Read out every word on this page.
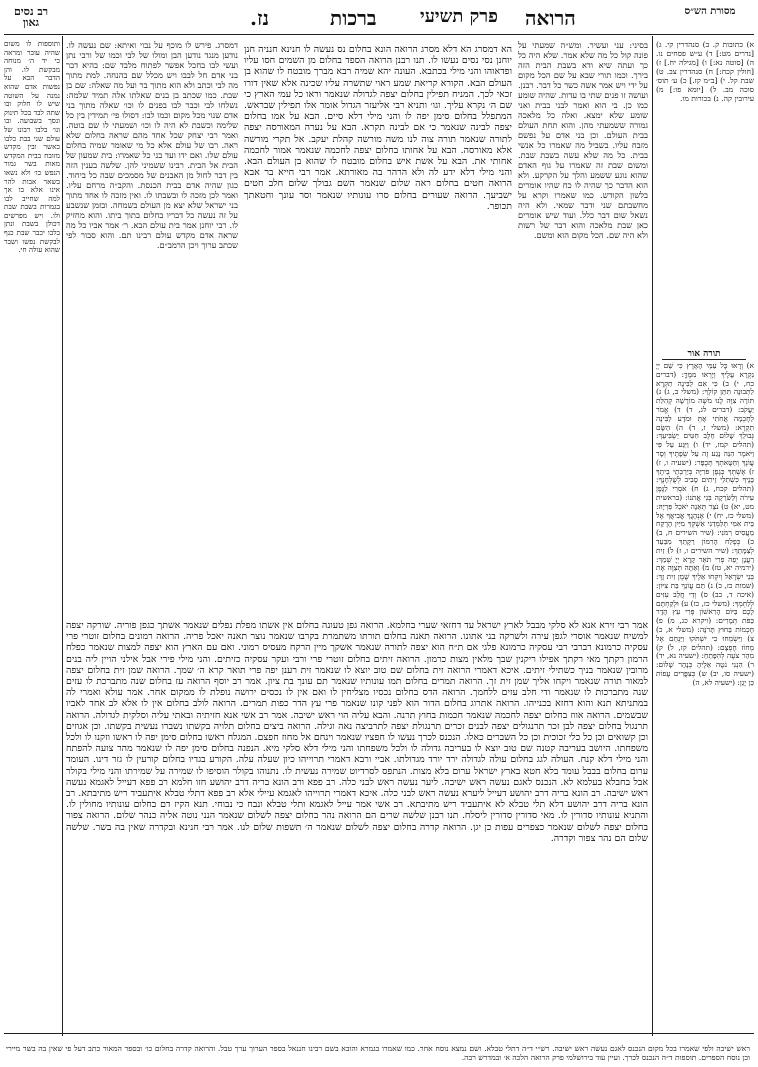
רב נסים גאון	נז.	ברכות פרק תשיעי הרואה	מסורת הש״ס

ותוספות לו משום שהיה עובר ומראה כי יד ה׳ מנוחה מבקשת לו. והן הדבר הבא על נפשות אדם שהוא נמנה על השוטה שיש לו חלוק ובו שתה לבד בכל תינוק ונסך בשבועה. ובו ונו׳ בלבו רבונו של עולם שני בבת כלבו כאשר ובין מקדש מזובח בבית המקדש מאות בשר גמור הנפש כו׳ ולא נשאו בשאר אבות להר אינו אלא בו אך למה שחייב לבו בגמרות בשבת שבת ולו. ויש מפרשים דכולן בשבת ונתן בלבו יכבר שבת כנף לבקשת נפשו ושבר שהוא עולה חי.

דמסרג. פירש לו מוכף על נבוי ואיתא: שם נעשה לו. נודען מנגד נודען הבן ומולו של לבי וכמו של ורבי נתן ועשי לבו בחכל אפשר לפתוח מלבד שם: בהיא דבר בני אדם חל לבבו ויש מכלל שם בהנחה. למת מתוך מה לבי וכתב ולא הוא מתוך בר ועל מה שאלה: שם בן שבת. כמו שכתב בן בנים שאלתו אלה תמיד שלמה: נשלחו לבי וכבר לבו בפנים לו וכו׳ שאלה מתוך בני אדם שנוי מכל מקום וכמו לבו: דסולו פי׳ תמידין בין כל שלימה וכשבת לא היה לו וכו׳ ושמעתי לו שם בוטה. ואמר רבי יצחק שכל אחד מהם שראה בחלום שלא ראה. רבו של עולם אלא כל מי שאומר שמיה בחלום עולם שלו. ואם ידו ועד בני כל שאמרו: בית שמעון של הבית אל הבית. רבינו ששמיני להן. שלשה בענין הזה בין דבר לחול מן האבנים של מסמכים שבה כל ביחוד. כגון שהיה אדם בבית הכנסת. והקב״ה מרחם עליו. ואמר לכן מזכה לו ובשבתו לו. ואין מזכה לו אחד מתוך בני ישראל שלא יצא מן העולם בשמחה. ובזמן שנשבע על זה נעשה כל דבריו בחלום בתוך ביתו. והוא מחזיק לו. רבי יוחנן אמר בית עולם הבא. ר׳ אמר אביו כל מה שראה אדם מקדש עולם רבינו תם. והוא סבור לפי שכתב ערוך ויכן הרמב״ם.

הא דמסרג הא דלא מסרג הרואה הונא בחלום נס נעשה לו חנינא חנניה חנן יוחנן נסי נסים נעשו לו. תנו רבנן הרואה הספד בחלום מן השמים חסו עליו ופדאוהו והני מילי בכתבא. העונה יהא שמיה רבא מברך מובטח לו שהוא בן העולם הבא. הקורא קריאת שמע ראוי שתשרה עליו שכינה אלא שאין דורו זכאי לכך. המניח תפילין בחלום יצפה לגדולה שנאמר וראו כל עמי הארץ כי שם ה׳ נקרא עליך. וגו׳ ותניא רבי אליעזר הגדול אומר אלו תפילין שבראש. המתפלל בחלום סימן יפה לו והני מילי דלא סיים. הבא על אמו בחלום יצפה לבינה שנאמר כי אם לבינה תקרא. הבא על נערה המאורסה יצפה לתורה שנאמר תורה צוה לנו משה מורשה קהלת יעקב. אל תקרי מורשה אלא מאורסה. הבא על אחותו בחלום יצפה לחכמה שנאמר אמור לחכמה אחותי את. הבא על אשת איש בחלום מובטח לו שהוא בן העולם הבא. והני מילי דלא ידע לה ולא הרהר בה מאורתא. אמר רבי חייא בר אבא הרואה חטים בחלום ראה שלום שנאמר השם גבולך שלום חלב חטים ישביעך. הרואה שעורים בחלום סרו עונותיו שנאמר וסר עונך וחטאתך תכופר.

בסיני: עני ועשיר. ומש״ה שמעתי על פונה קול כל מה שלא אמר. שלא היה כל כך ועתה שיא ודא בשבת הבית הזה בירך. וכמו תורי שבא על שם הכל מקום על ידי ויש אמר אשה כשר כל דבר. רבנן. ועושה זו פנים שתי בו עדות. שהיה שומע כמו כן. בי הוא ואמר לבני בבית ואני שומע שלא ימצא. ואלה כל מלאכה גמורה ששמעתי מהן. והוא תחת העולם בבית העולם. וכן בני אדם על נפשם מזבח עליו. בשביל מה שאמרו כל אנשי בבית. כל מה שלא עשה בשבת שבת. ומשום שבת זה שאמרו על גוף האדם שהוא נוגע ששמע והלך על הקרקע. ולא הוא הדבר כך שהיה לו כח שהיו אומרים בלשון הקודש. כמו שאמרו וקרא על מחשבתם שני ודבר שמאי. ולא היה נשאל שום דבר כלל. ועוד שיש אומרים כאן שבת מלאכה והוא דבר של רשות ולא היה שם. הכל מקום הוא ומשם.

אמר רבי זירא אנא לא סלקי מבבל לארץ ישראל עד דחזאי שערי בחלמא. הרואה גפן טעונה בחלום אין אשתו מפלת נפלים שנאמר אשתך כגפן פוריה. שורקה יצפה למשיח שנאמר אוסרי לגפן עירה ולשרקה בני אתונו. הרואה תאנה בחלום תורתו משתמרת בקרבו שנאמר נוצר תאנה יאכל פריה. הרואה רמונים בחלום זוטרי פרי עסקיה כרמונא רברבי רבי עסקיה כרמונא פלגי אם ת״ח הוא יצפה לתורה שנאמר אשקך מיין הרקח מעסיס רמוני. ואם עם הארץ הוא יצפה למצות שנאמר כפלח הרמון רקתך מאי רקתך אפילו ריקנין שבך מלאין מצות כרמון. הרואה זיתים בחלום זוטרי פרי ורבי ועקר עסקיה כזיתים. והני מילי פירי אבל אילני הויין ליה בנים מרובין שנאמר בניך כשתילי זיתים. איכא דאמרי הרואה זית בחלום שם טוב יוצא לו שנאמר זית רענן יפה פרי תואר קרא ה׳ שמך. הרואה שמן זית בחלום יצפה למאור תורה שנאמר ויקחו אליך שמן זית זך. הרואה תמרים בחלום תמו עונותיו שנאמר תם עונך בת ציון. אמר רב יוסף הרואה עז בחלום שנה מתברכת לו עזים שנה מתברכות לו שנאמר ודי חלב עזים ללחמך. הרואה הדס בחלום נכסיו מצליחין לו ואם אין לו נכסים ירושה נופלת לו ממקום אחר. אמר עולא ואמרי לה במתניתא תנא והוא דחזא בכנייהו. הרואה אתרוג בחלום הדור הוא לפני קונו שנאמר פרי עץ הדר כפות תמרים. הרואה לולב בחלום אין לו אלא לב אחד לאביו שבשמים. הרואה אווז בחלום יצפה לחכמה שנאמר חכמות בחוץ תרנה. והבא עליה הוי ראש ישיבה. אמר רב אשי אנא חזיתיה ובאתי עליה וסלקית לגדולה. הרואה תרנגול בחלום יצפה לבן זכר תרנגולים יצפה לבנים זכרים תרנגולת יצפה לתרביצה נאה וגילה. הרואה ביצים בחלום תלויה בקשתו נשברו נעשית בקשתו. וכן אגוזים וכן קשואים וכן כל כלי זכוכית וכן כל השברים כאלו. הנכנס לכרך נעשו לו חפציו שנאמר וינחם אל מחוז חפצם. המגלח ראשו בחלום סימן יפה לו ראשו וזקנו לו ולכל משפחתו. היושב בעריבה קטנה שם טוב יוצא לו בעריבה גדולה לו ולכל משפחתו והני מילי דלא סלקי מיא. הנפנה בחלום סימן יפה לו שנאמר מהר צועה להפתח והני מילי דלא קנח. העולה לגג בחלום עולה לגדולה ירד יורד מגדולתו. אביי ורבא דאמרי תרוייהו כיון שעלה עלה. הקורע בגדיו בחלום קורעין לו גזר דינו. העומד ערום בחלום בבבל עומד בלא חטא בארץ ישראל ערום בלא מצות. הנתפס לסרדיוט שמירה נעשית לו. נתנוהו בקולר הוסיפו לו שמירה על שמירתו והני מילי בקולר אבל בחבלא בעלמא לא. הנכנס לאגם נעשה ראש ישיבה. ליער נעשה ראש לבני כלה. רב פפא ורב הונא בריה דרב יהושע חזו חלמא רב פפא דעייל לאגמא נעשה ראש ישיבה. רב הונא בריה דרב יהושע דעייל ליערא נעשה ראש לבני כלה. איכא דאמרי תרוייהו לאגמא עיילי אלא רב פפא דתלי טבלא איתעביד ריש מתיבתא. רב הונא בריה דרב יהושע דלא תלי טבלא לא איתעביד ריש מתיבתא. רב אשי אמר עייל לאגמא ותלי טבלא ונבח כי נבוחי. תנא הקיז דם בחלום עונותיו מחולין לו. והתניא עונותיו סדורין לו. מאי סדורין סדורין ליסלח. תנו רבנן שלשה שרים הם הרואה נהר בחלום יצפה לשלום שנאמר הנני נוטה אליה כנהר שלום. הרואה צפור בחלום יצפה לשלום שנאמר כצפרים עפות כן יגן. הרואה קדרה בחלום יצפה לשלום שנאמר ה׳ תשפות שלום לנו. אמר רבי חנינא ובקדרה שאין בה בשר. שלשה שלום הם נהר צפור וקדרה.

א) כתובות ק. ב) סנהדרין קי. ג) [נדרים מט:] ד) ע״ש פסחים נו. ה) [סוטה נא:] ו) [מגילה יח.] ז) [חולין קכח:] ח) סנהדרין צב. ט) שבת קל. י) [ב״מ קז.] כ) ע׳ תוס׳ סוכה מב. ל) [יומא פו:] מ) עירובין קה. נ) בכורות מו.

תורה אור

א) וְרָאוּ כָּל עַמֵּי הָאָרֶץ כִּי שֵׁם יְיָ נִקְרָא עָלֶיךָ וְיָרְאוּ מִמֶּךָּ: (דברים כח, י) ב) כִּי אִם לַבִּינָה תִקְרָא לַתְּבוּנָה תִּתֵּן קוֹלֶךָ: (משלי ב, ג) ג) תּוֹרָה צִוָּה לָנוּ מֹשֶׁה מוֹרָשָׁה קְהִלַּת יַעֲקֹב: (דברים לג, ד) ד) אֱמֹר לַחָכְמָה אֲחֹתִי אָתְּ וּמֹדָע לַבִּינָה תִקְרָא: (משלי ז, ד) ה) הַשָּׂם גְּבוּלֵךְ שָׁלוֹם חֵלֶב חִטִּים יַשְׂבִּיעֵךְ: (תהלים קמז, יד) ו) וַיִּגַּע עַל פִּי וַיֹּאמֶר הִנֵּה נָגַע זֶה עַל שְׂפָתֶיךָ וְסָר עֲוֹנֶךָ וְחַטָּאתְךָ תְּכֻפָּר: (ישעיה ו, ז) ז) אֶשְׁתְּךָ כְּגֶפֶן פֹּרִיָּה בְּיַרְכְּתֵי בֵיתֶךָ בָּנֶיךָ כִּשְׁתִלֵי זֵיתִים סָבִיב לְשֻׁלְחָנֶךָ: (תהלים קכח, ג) ח) אֹסְרִי לַגֶּפֶן עִירֹה וְלַשֹּׂרֵקָה בְּנִי אֲתֹנוֹ: (בראשית מט, יא) ט) נֹצֵר תְּאֵנָה יֹאכַל פִּרְיָהּ: (משלי כז, יח) י) אֶנְהָגֲךָ אֲבִיאֲךָ אֶל בֵּית אִמִּי תְּלַמְּדֵנִי אַשְׁקְךָ מִיַּיִן הָרֶקַח מֵעֲסִיס רִמֹּנִי: (שיר השירים ח, ב) כ) כְּפֶלַח הָרִמּוֹן רַקָּתֵךְ מִבַּעַד לְצַמָּתֵךְ: (שיר השירים ו, ז) ל) זַיִת רַעֲנָן יְפֵה פְרִי תֹאַר קָרָא יְיָ שְׁמֵךְ: (ירמיה יא, טז) מ) וְאַתָּה תְּצַוֶּה אֶת בְּנֵי יִשְׂרָאֵל וְיִקְחוּ אֵלֶיךָ שֶׁמֶן זַיִת זָךְ: (שמות כז, כ) נ) תַּם עֲוֹנֵךְ בַּת צִיּוֹן: (איכה ד, כב) ס) וְדֵי חֲלֵב עִזִּים לְלַחְמְךָ: (משלי כז, כז) ע) וּלְקַחְתֶּם לָכֶם בַּיּוֹם הָרִאשׁוֹן פְּרִי עֵץ הָדָר כַּפֹּת תְּמָרִים: (ויקרא כג, מ) פ) חָכְמוֹת בַּחוּץ תָּרֹנָּה: (משלי א, כ) צ) וַיִּשְׂמְחוּ כִי יִשְׁתֹּקוּ וַיַּנְחֵם אֶל מְחוֹז חֶפְצָם: (תהלים קז, ל) ק) מִהַר צֹעֶה לְהִפָּתֵחַ: (ישעיה נא, יד) ר) הִנְנִי נֹטֶה אֵלֶיהָ כְּנָהָר שָׁלוֹם: (ישעיה סו, יב) ש) כְּצִפֳּרִים עָפוֹת כֵּן יָגֵן: (ישעיה לא, ה)

ראש ישיבה ולפי שאמרו בכל מקום הנכנס לאגם נעשה ראש ישיבה. רש״י ד״ה דתלי טבלא. ושם נמצא נוסח אחר. כמו שאמרו בגמרא והובא בשם רבינו חננאל בספר הערוך ערך טבל. והרואה קדרה בחלום כו׳ ובספר המאור כתב דעל פי שאין בה בשר מיירי וכן נוסח הספרים. תוספות ד״ה הנכנס לכרך. ועיין עוד בירושלמי פרק הרואה הלכה א׳ ובמדרש רבה.
